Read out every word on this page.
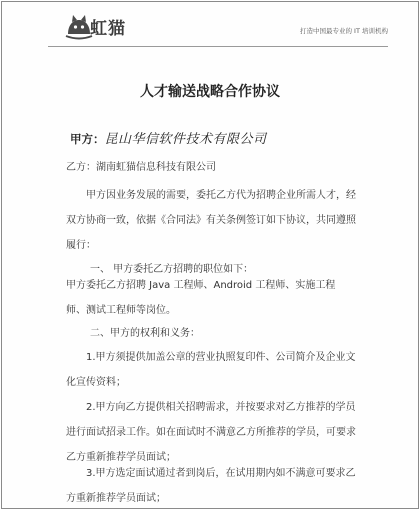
虹猫	打造中国最专业的 IT 培训机构
人才输送战略合作协议
甲方：昆山华信软件技术有限公司
乙方：湖南虹猫信息科技有限公司
甲方因业务发展的需要，委托乙方代为招聘企业所需人才，经
双方协商一致，依据《合同法》有关条例签订如下协议，共同遵照
履行：
一、 甲方委托乙方招聘的职位如下：
甲方委托乙方招聘 Java 工程师、Android 工程师、实施工程
师、测试工程师等岗位。
二、甲方的权利和义务：
1.甲方须提供加盖公章的营业执照复印件、公司简介及企业文
化宣传资料；
2.甲方向乙方提供相关招聘需求，并按要求对乙方推荐的学员
进行面试招录工作。如在面试时不满意乙方所推荐的学员，可要求
乙方重新推荐学员面试；
3.甲方选定面试通过者到岗后，在试用期内如不满意可要求乙
方重新推荐学员面试；
